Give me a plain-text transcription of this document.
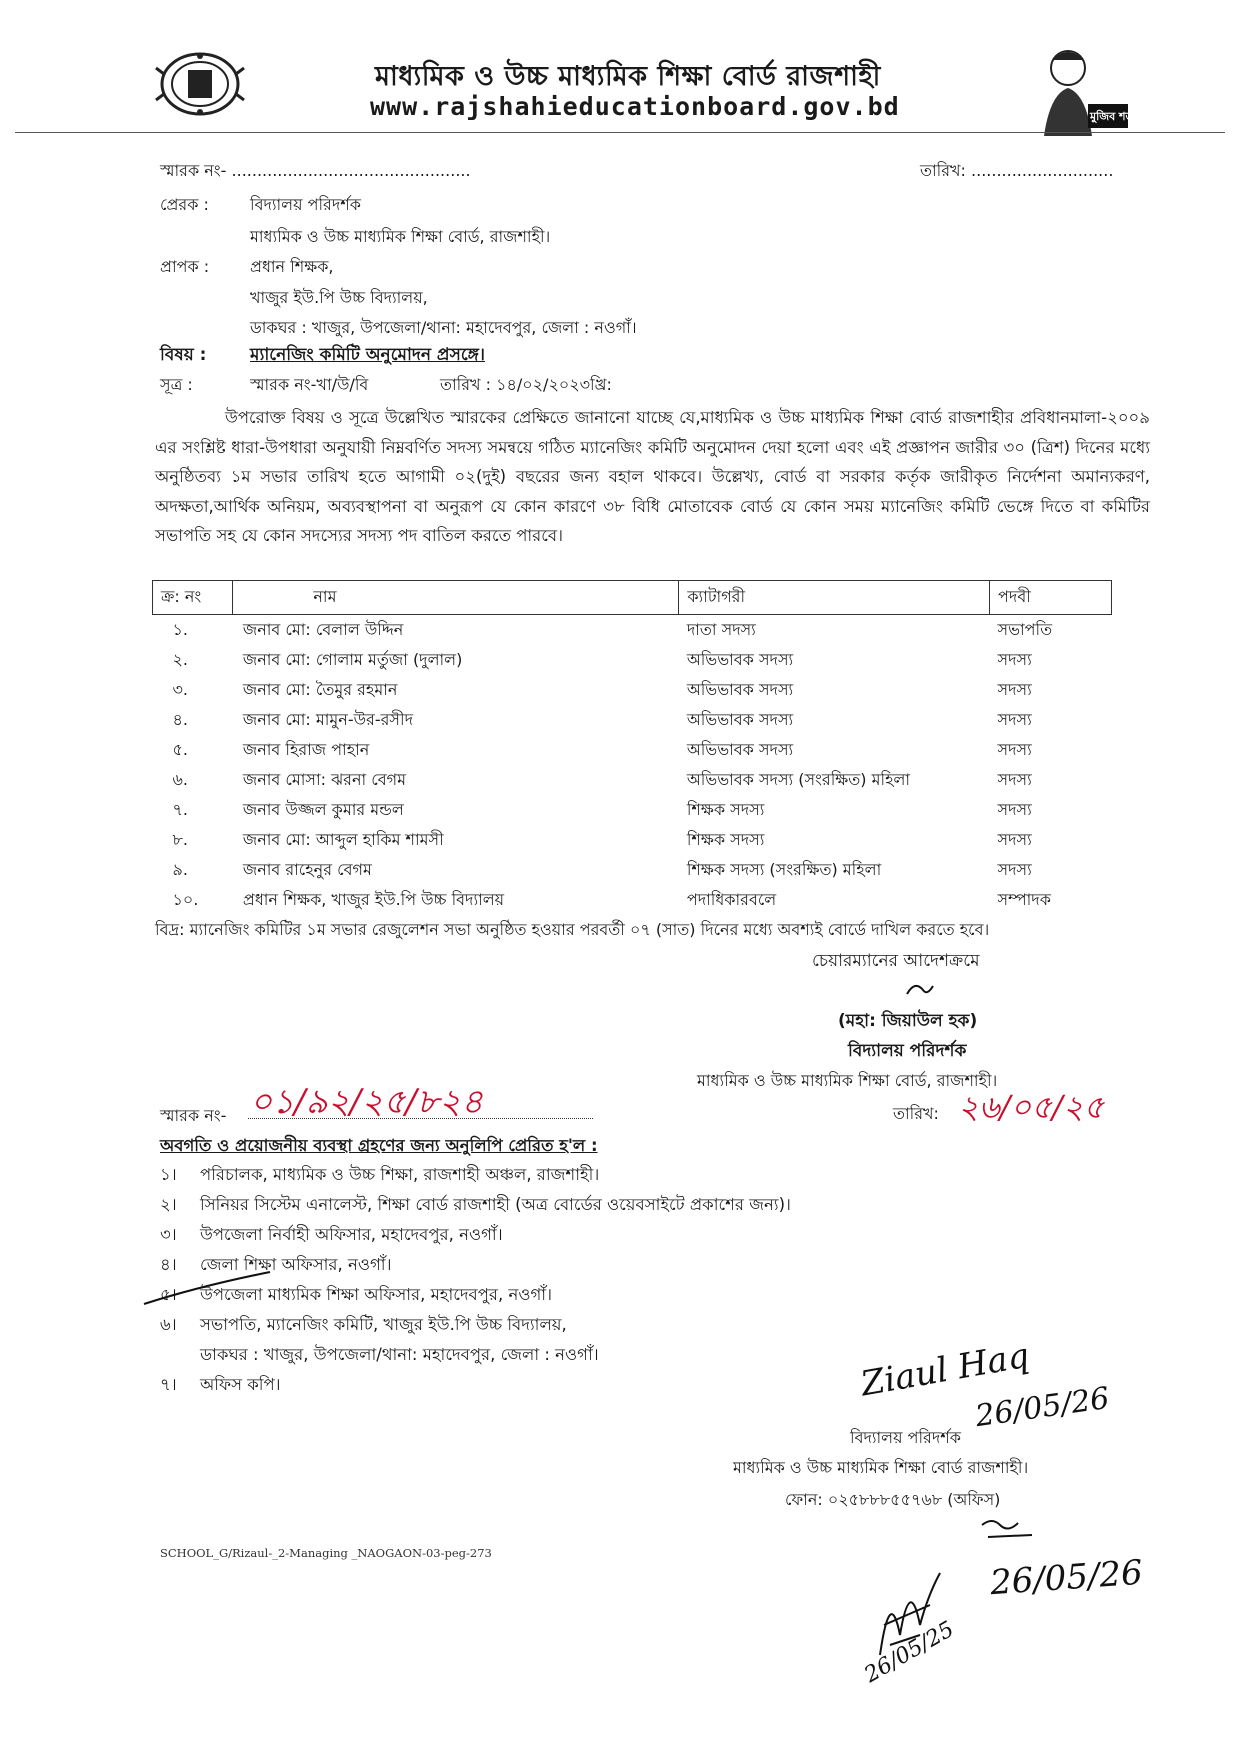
মাধ্যমিক ও উচ্চ মাধ্যমিক শিক্ষা বোর্ড রাজশাহী
www.rajshahieducationboard.gov.bd	মুজিব শতবর্ষ
স্মারক নং- ...............................................	তারিখ: ............................
প্রেরক :	বিদ্যালয় পরিদর্শক
মাধ্যমিক ও উচ্চ মাধ্যমিক শিক্ষা বোর্ড, রাজশাহী।
প্রাপক :	প্রধান শিক্ষক,
খাজুর ইউ.পি উচ্চ বিদ্যালয়,
ডাকঘর : খাজুর, উপজেলা/থানা: মহাদেবপুর, জেলা : নওগাঁ।
বিষয় :	ম্যানেজিং কমিটি অনুমোদন প্রসঙ্গে।
সূত্র :	স্মারক নং-খা/উ/বি	তারিখ : ১৪/০২/২০২৩খ্রি:
উপরোক্ত বিষয় ও সূত্রে উল্লেখিত স্মারকের প্রেক্ষিতে জানানো যাচ্ছে যে,মাধ্যমিক ও উচ্চ মাধ্যমিক শিক্ষা বোর্ড রাজশাহীর প্রবিধানমালা-২০০৯ এর সংশ্লিষ্ট ধারা-উপধারা অনুযায়ী নিম্নবর্ণিত সদস্য সমন্বয়ে গঠিত ম্যানেজিং কমিটি অনুমোদন দেয়া হলো এবং এই প্রজ্ঞাপন জারীর ৩০ (ত্রিশ) দিনের মধ্যে অনুষ্ঠিতব্য ১ম সভার তারিখ হতে আগামী ০২(দুই) বছরের জন্য বহাল থাকবে। উল্লেখ্য, বোর্ড বা সরকার কর্তৃক জারীকৃত নির্দেশনা অমান্যকরণ, অদক্ষতা,আর্থিক অনিয়ম, অব্যবস্থাপনা বা অনুরূপ যে কোন কারণে ৩৮ বিধি মোতাবেক বোর্ড যে কোন সময় ম্যানেজিং কমিটি ভেঙ্গে দিতে বা কমিটির সভাপতি সহ যে কোন সদস্যের সদস্য পদ বাতিল করতে পারবে।
ক্র: নং	নাম	ক্যাটাগরী	পদবী
১.	জনাব মো: বেলাল উদ্দিন	দাতা সদস্য	সভাপতি
২.	জনাব মো: গোলাম মর্তুজা (দুলাল)	অভিভাবক সদস্য	সদস্য
৩.	জনাব মো: তৈমুর রহমান	অভিভাবক সদস্য	সদস্য
৪.	জনাব মো: মামুন-উর-রসীদ	অভিভাবক সদস্য	সদস্য
৫.	জনাব হিরাজ পাহান	অভিভাবক সদস্য	সদস্য
৬.	জনাব মোসা: ঝরনা বেগম	অভিভাবক সদস্য (সংরক্ষিত) মহিলা	সদস্য
৭.	জনাব উজ্জল কুমার মন্ডল	শিক্ষক সদস্য	সদস্য
৮.	জনাব মো: আব্দুল হাকিম শামসী	শিক্ষক সদস্য	সদস্য
৯.	জনাব রাহেনুর বেগম	শিক্ষক সদস্য (সংরক্ষিত) মহিলা	সদস্য
১০.	প্রধান শিক্ষক, খাজুর ইউ.পি উচ্চ বিদ্যালয়	পদাধিকারবলে	সম্পাদক
বিদ্র: ম্যানেজিং কমিটির ১ম সভার রেজুলেশন সভা অনুষ্ঠিত হওয়ার পরবর্তী ০৭ (সাত) দিনের মধ্যে অবশ্যই বোর্ডে দাখিল করতে হবে।
চেয়ারম্যানের আদেশক্রমে
(মহা: জিয়াউল হক)
বিদ্যালয় পরিদর্শক
মাধ্যমিক ও উচ্চ মাধ্যমিক শিক্ষা বোর্ড, রাজশাহী।
স্মারক নং- ০১/৯২/২৫/৮২৪	তারিখ: ২৬/০৫/২৫
অবগতি ও প্রয়োজনীয় ব্যবস্থা গ্রহণের জন্য অনুলিপি প্রেরিত হ'ল :
১। পরিচালক, মাধ্যমিক ও উচ্চ শিক্ষা, রাজশাহী অঞ্চল, রাজশাহী।
২। সিনিয়র সিস্টেম এনালেস্ট, শিক্ষা বোর্ড রাজশাহী (অত্র বোর্ডের ওয়েবসাইটে প্রকাশের জন্য)।
৩। উপজেলা নির্বাহী অফিসার, মহাদেবপুর, নওগাঁ।
৪। জেলা শিক্ষা অফিসার, নওগাঁ।
৫। উপজেলা মাধ্যমিক শিক্ষা অফিসার, মহাদেবপুর, নওগাঁ।
৬। সভাপতি, ম্যানেজিং কমিটি, খাজুর ইউ.পি উচ্চ বিদ্যালয়,
ডাকঘর : খাজুর, উপজেলা/থানা: মহাদেবপুর, জেলা : নওগাঁ।
৭। অফিস কপি।	Ziaul Haq
26/05/26
বিদ্যালয় পরিদর্শক
মাধ্যমিক ও উচ্চ মাধ্যমিক শিক্ষা বোর্ড রাজশাহী।
ফোন: ০২৫৮৮৮৫৫৭৬৮ (অফিস)
26/05/26
26/05/25
SCHOOL_G/Rizaul-_2-Managing _NAOGAON-03-peg-273
